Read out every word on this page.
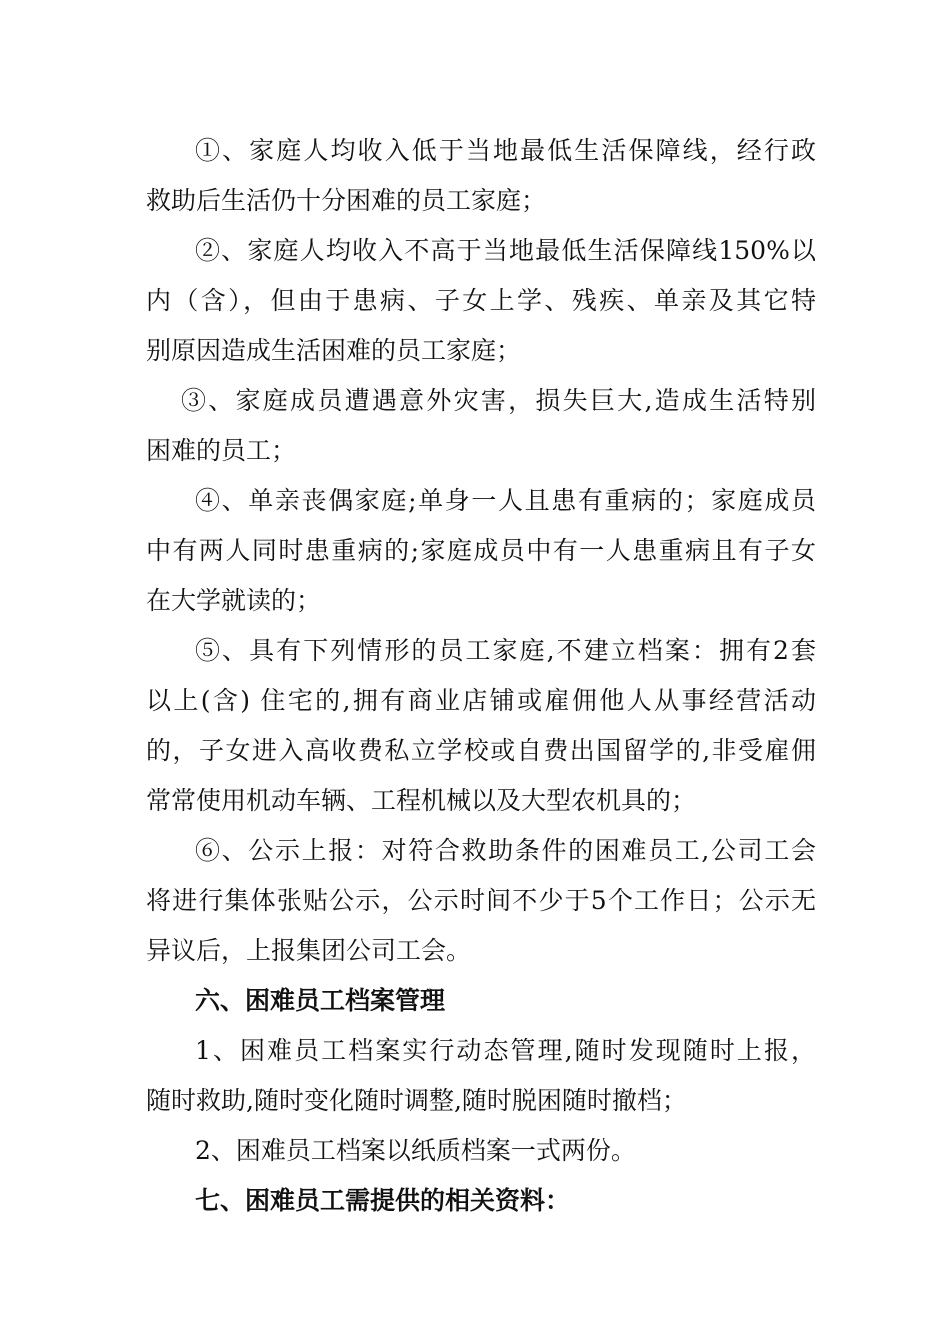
①、家庭人均收入低于当地最低生活保障线，经行政
救助后生活仍十分困难的员工家庭；
②、家庭人均收入不高于当地最低生活保障线150%以
内（含），但由于患病、子女上学、残疾、单亲及其它特
别原因造成生活困难的员工家庭；
③、家庭成员遭遇意外灾害，损失巨大,造成生活特别
困难的员工；
④、单亲丧偶家庭;单身一人且患有重病的；家庭成员
中有两人同时患重病的;家庭成员中有一人患重病且有子女
在大学就读的；
⑤、具有下列情形的员工家庭,不建立档案：拥有2套
以上(含) 住宅的,拥有商业店铺或雇佣他人从事经营活动
的，子女进入高收费私立学校或自费出国留学的,非受雇佣
常常使用机动车辆、工程机械以及大型农机具的；
⑥、公示上报：对符合救助条件的困难员工,公司工会
将进行集体张贴公示，公示时间不少于5个工作日；公示无
异议后，上报集团公司工会。
六、困难员工档案管理
1、困难员工档案实行动态管理,随时发现随时上报，
随时救助,随时变化随时调整,随时脱困随时撤档；
2、困难员工档案以纸质档案一式两份。
七、困难员工需提供的相关资料：
